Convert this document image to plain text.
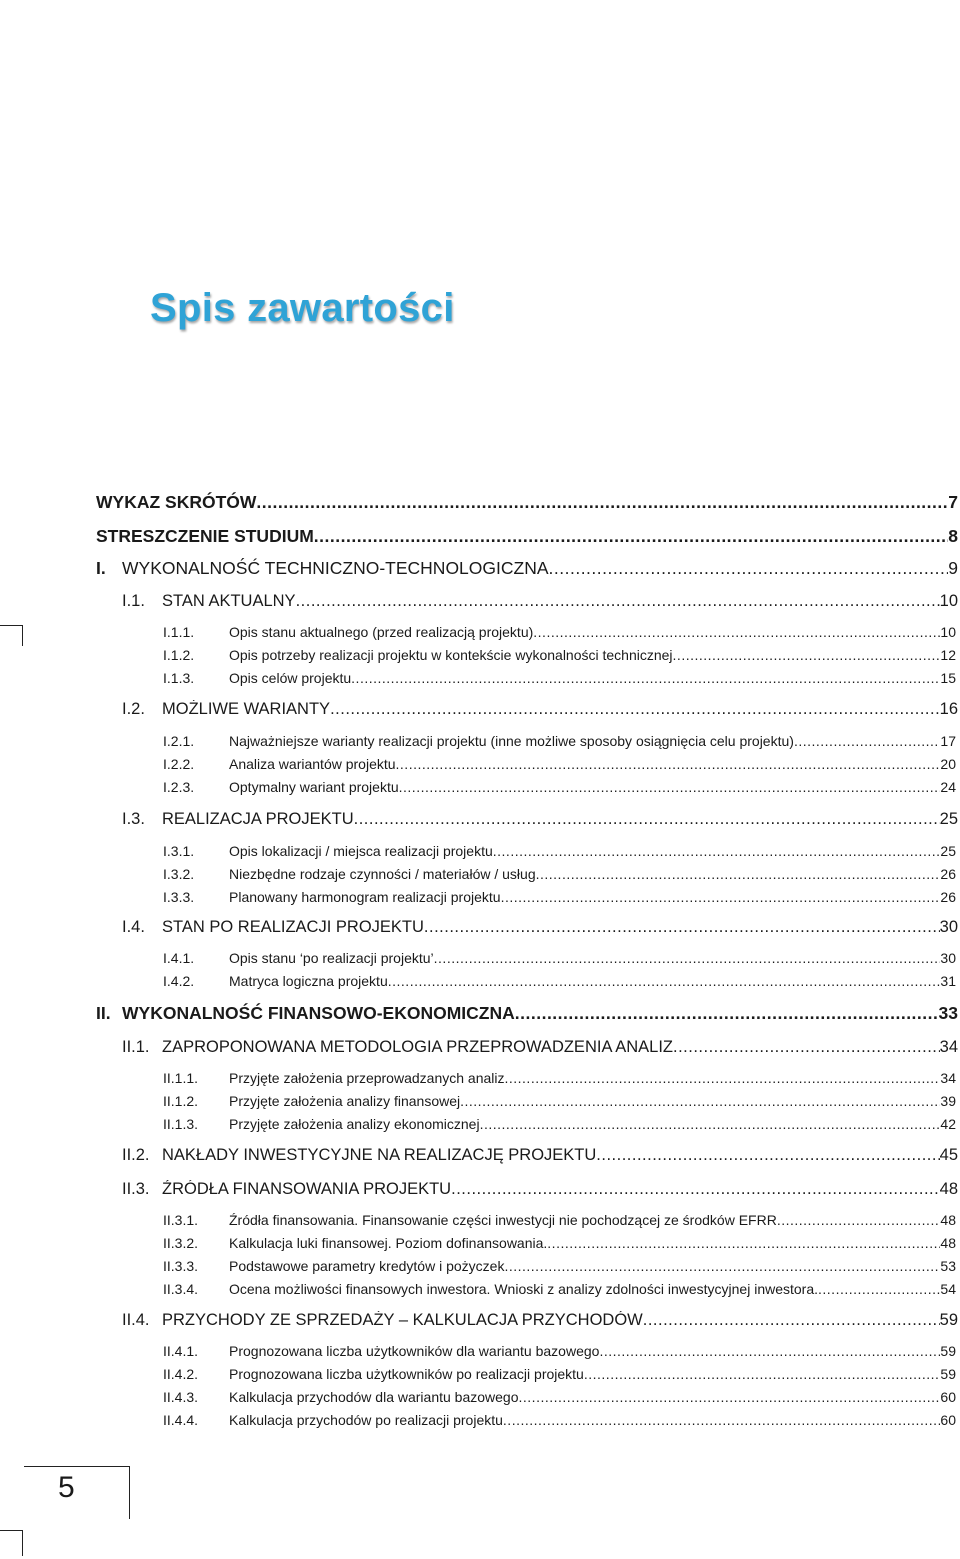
Spis zawartości
WYKAZ SKRÓTÓW .....	7
STRESZCZENIE STUDIUM .....	8
I. WYKONALNOŚĆ TECHNICZNO-TECHNOLOGICZNA .....	9
I.1.	STAN AKTUALNY .....	10
I.1.1.	Opis stanu aktualnego (przed realizacją projektu) .....	10
I.1.2.	Opis potrzeby realizacji projektu w kontekście wykonalności technicznej .....	12
I.1.3.	Opis celów projektu .....	15
I.2.	MOŻLIWE WARIANTY .....	16
I.2.1.	Najważniejsze warianty realizacji projektu (inne możliwe sposoby osiągnięcia celu projektu) .....	17
I.2.2.	Analiza wariantów projektu .....	20
I.2.3.	Optymalny wariant projektu .....	24
I.3.	REALIZACJA PROJEKTU .....	25
I.3.1.	Opis lokalizacji / miejsca realizacji projektu .....	25
I.3.2.	Niezbędne rodzaje czynności / materiałów / usług .....	26
I.3.3.	Planowany harmonogram realizacji projektu .....	26
I.4.	STAN PO REALIZACJI PROJEKTU .....	30
I.4.1.	Opis stanu ‘po realizacji projektu’ .....	30
I.4.2.	Matryca logiczna projektu .....	31
II. WYKONALNOŚĆ FINANSOWO-EKONOMICZNA .....	33
II.1. ZAPROPONOWANA METODOLOGIA PRZEPROWADZENIA ANALIZ .....	34
II.1.1.	Przyjęte założenia przeprowadzanych analiz .....	34
II.1.2.	Przyjęte założenia analizy finansowej .....	39
II.1.3.	Przyjęte założenia analizy ekonomicznej .....	42
II.2. NAKŁADY INWESTYCYJNE NA REALIZACJĘ PROJEKTU .....	45
II.3. ŹRÓDŁA FINANSOWANIA PROJEKTU .....	48
II.3.1.	Źródła finansowania. Finansowanie części inwestycji nie pochodzącej ze środków EFRR .....	48
II.3.2.	Kalkulacja luki finansowej. Poziom dofinansowania. .....	48
II.3.3.	Podstawowe parametry kredytów i pożyczek .....	53
II.3.4.	Ocena możliwości finansowych inwestora. Wnioski z analizy zdolności inwestycyjnej inwestora. .....	54
II.4. PRZYCHODY ZE SPRZEDAŻY – KALKULACJA PRZYCHODÓW .....	59
II.4.1.	Prognozowana liczba użytkowników dla wariantu bazowego .....	59
II.4.2.	Prognozowana liczba użytkowników po realizacji projektu .....	59
II.4.3.	Kalkulacja przychodów dla wariantu bazowego .....	60
II.4.4.	Kalkulacja przychodów po realizacji projektu .....	60
5
